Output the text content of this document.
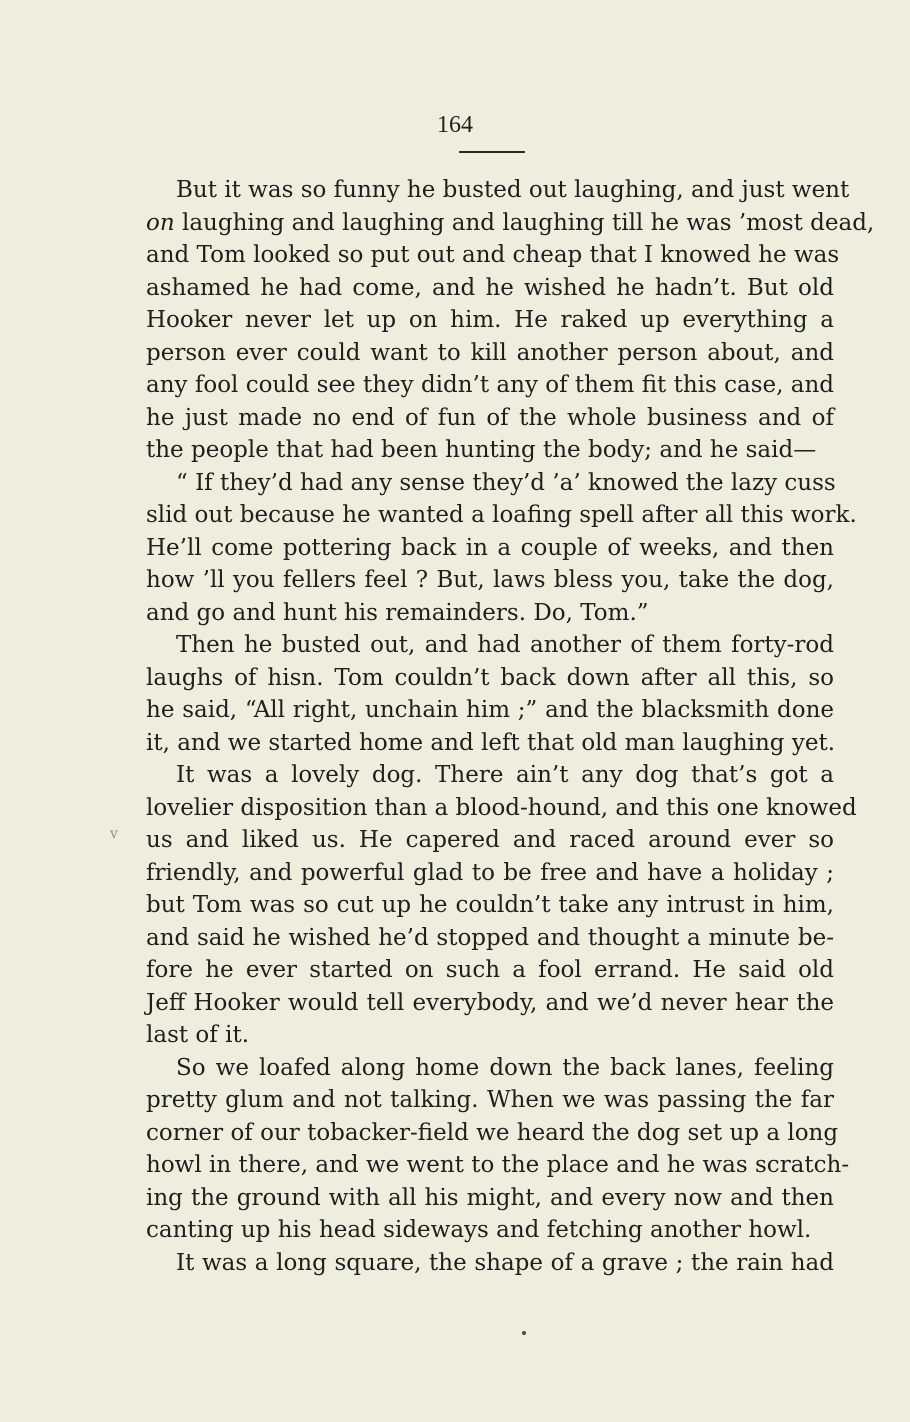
164
v
But it was so funny he busted out laughing, and just went
on laughing and laughing and laughing till he was ’most dead,
and Tom looked so put out and cheap that I knowed he was
ashamed he had come, and he wished he hadn’t. But old
Hooker never let up on him. He raked up everything a
person ever could want to kill another person about, and
any fool could see they didn’t any of them fit this case, and
he just made no end of fun of the whole business and of
the people that had been hunting the body; and he said—
“ If they’d had any sense they’d ’a’ knowed the lazy cuss
slid out because he wanted a loafing spell after all this work.
He’ll come pottering back in a couple of weeks, and then
how ’ll you fellers feel ? But, laws bless you, take the dog,
and go and hunt his remainders. Do, Tom.”
Then he busted out, and had another of them forty-rod
laughs of hisn. Tom couldn’t back down after all this, so
he said, “All right, unchain him ;” and the blacksmith done
it, and we started home and left that old man laughing yet.
It was a lovely dog. There ain’t any dog that’s got a
lovelier disposition than a blood-hound, and this one knowed
us and liked us. He capered and raced around ever so
friendly, and powerful glad to be free and have a holiday ;
but Tom was so cut up he couldn’t take any intrust in him,
and said he wished he’d stopped and thought a minute be-
fore he ever started on such a fool errand. He said old
Jeff Hooker would tell everybody, and we’d never hear the
last of it.
So we loafed along home down the back lanes, feeling
pretty glum and not talking. When we was passing the far
corner of our tobacker-field we heard the dog set up a long
howl in there, and we went to the place and he was scratch-
ing the ground with all his might, and every now and then
canting up his head sideways and fetching another howl.
It was a long square, the shape of a grave ; the rain had
